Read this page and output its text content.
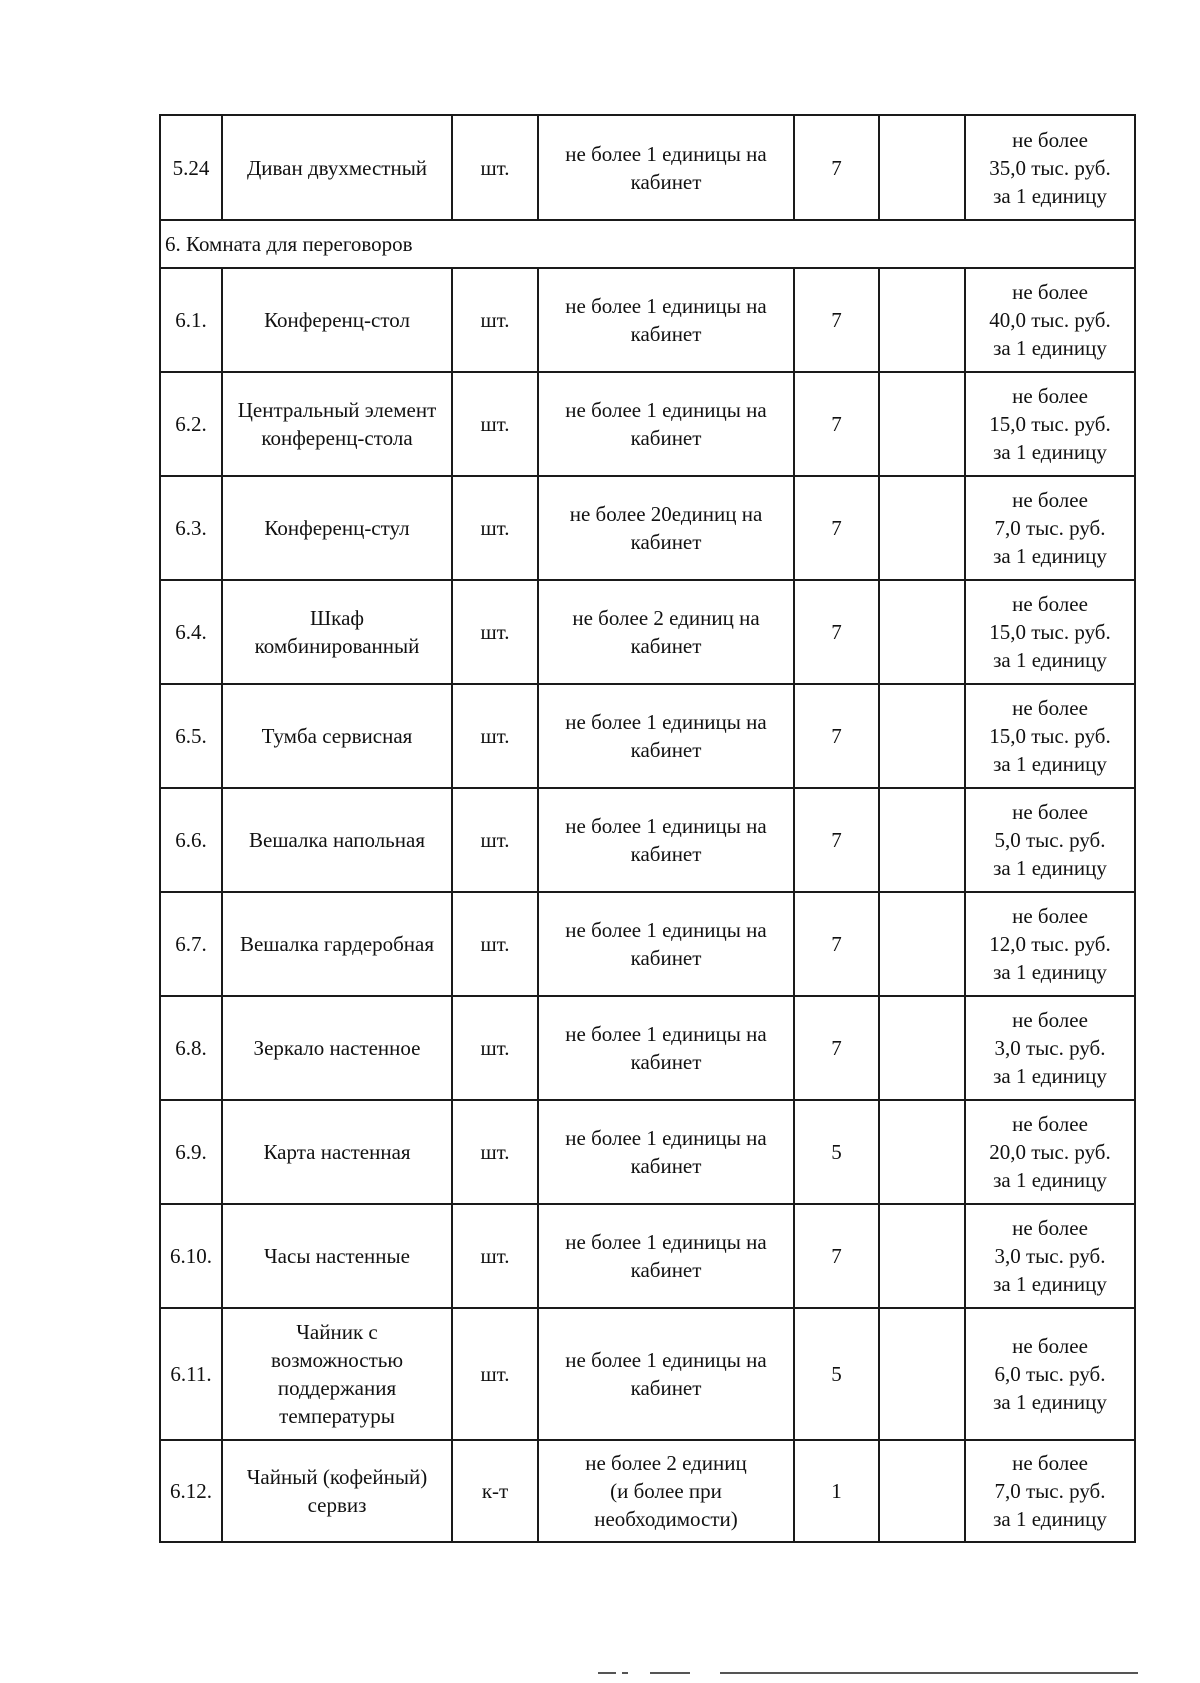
5.24	Диван двухместный	шт.	не более 1 единицы на кабинет	7		не более
35,0 тыс. руб.
за 1 единицу
6. Комната для переговоров						
6.1.	Конференц-стол	шт.	не более 1 единицы на кабинет	7		не более
40,0 тыс. руб.
за 1 единицу
6.2.	Центральный элемент конференц-стола	шт.	не более 1 единицы на кабинет	7		не более
15,0 тыс. руб.
за 1 единицу
6.3.	Конференц-стул	шт.	не более 20единиц на кабинет	7		не более
7,0 тыс. руб.
за 1 единицу
6.4.	Шкаф комбинированный	шт.	не более 2 единиц на кабинет	7		не более
15,0 тыс. руб.
за 1 единицу
6.5.	Тумба сервисная	шт.	не более 1 единицы на кабинет	7		не более
15,0 тыс. руб.
за 1 единицу
6.6.	Вешалка напольная	шт.	не более 1 единицы на кабинет	7		не более
5,0 тыс. руб.
за 1 единицу
6.7.	Вешалка гардеробная	шт.	не более 1 единицы на кабинет	7		не более
12,0 тыс. руб.
за 1 единицу
6.8.	Зеркало настенное	шт.	не более 1 единицы на кабинет	7		не более
3,0 тыс. руб.
за 1 единицу
6.9.	Карта настенная	шт.	не более 1 единицы на кабинет	5		не более
20,0 тыс. руб.
за 1 единицу
6.10.	Часы настенные	шт.	не более 1 единицы на кабинет	7		не более
3,0 тыс. руб.
за 1 единицу
6.11.	Чайник с возможностью поддержания температуры	шт.	не более 1 единицы на кабинет	5		не более
6,0 тыс. руб.
за 1 единицу
6.12.	Чайный (кофейный) сервиз	к-т	не более 2 единиц
(и более при необходимости)	1		не более
7,0 тыс. руб.
за 1 единицу
